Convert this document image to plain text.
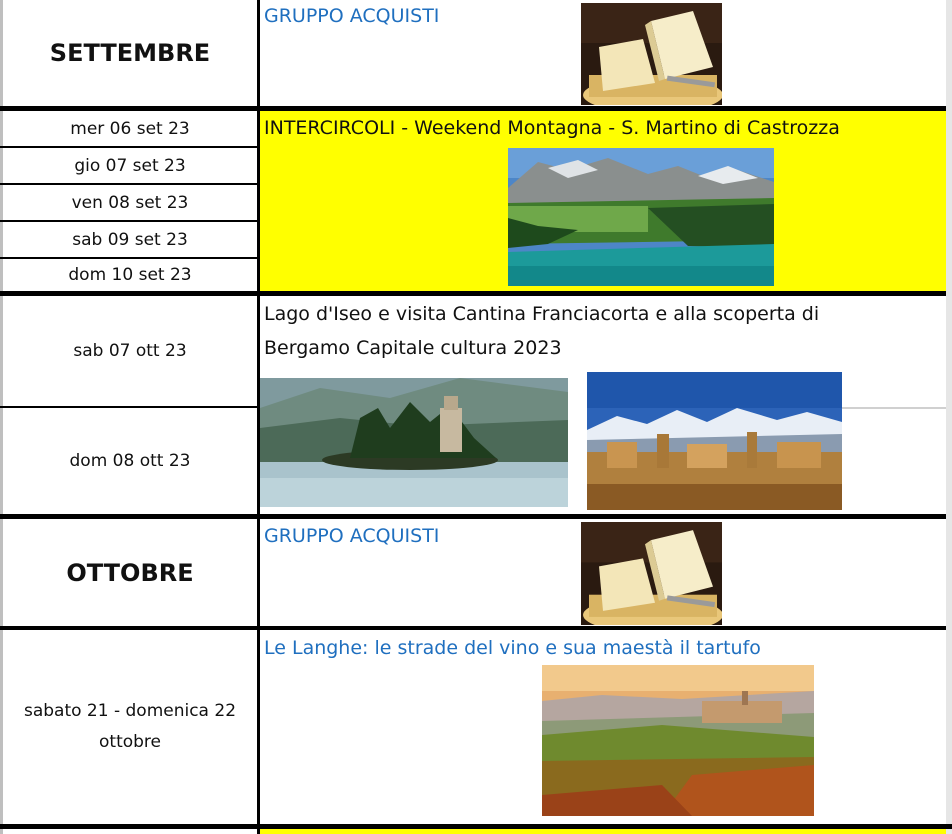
SETTEMBRE
GRUPPO ACQUISTI
mer 06 set 23
gio 07 set 23
ven 08 set 23
sab 09 set 23
dom 10 set 23
INTERCIRCOLI - Weekend Montagna - S. Martino di Castrozza
sab 07 ott 23
dom 08 ott 23
Lago d'Iseo e visita Cantina Franciacorta e alla scoperta di
Bergamo Capitale cultura 2023
OTTOBRE
GRUPPO ACQUISTI
sabato 21 - domenica 22
ottobre
Le Langhe: le strade del vino e sua maestà il tartufo
